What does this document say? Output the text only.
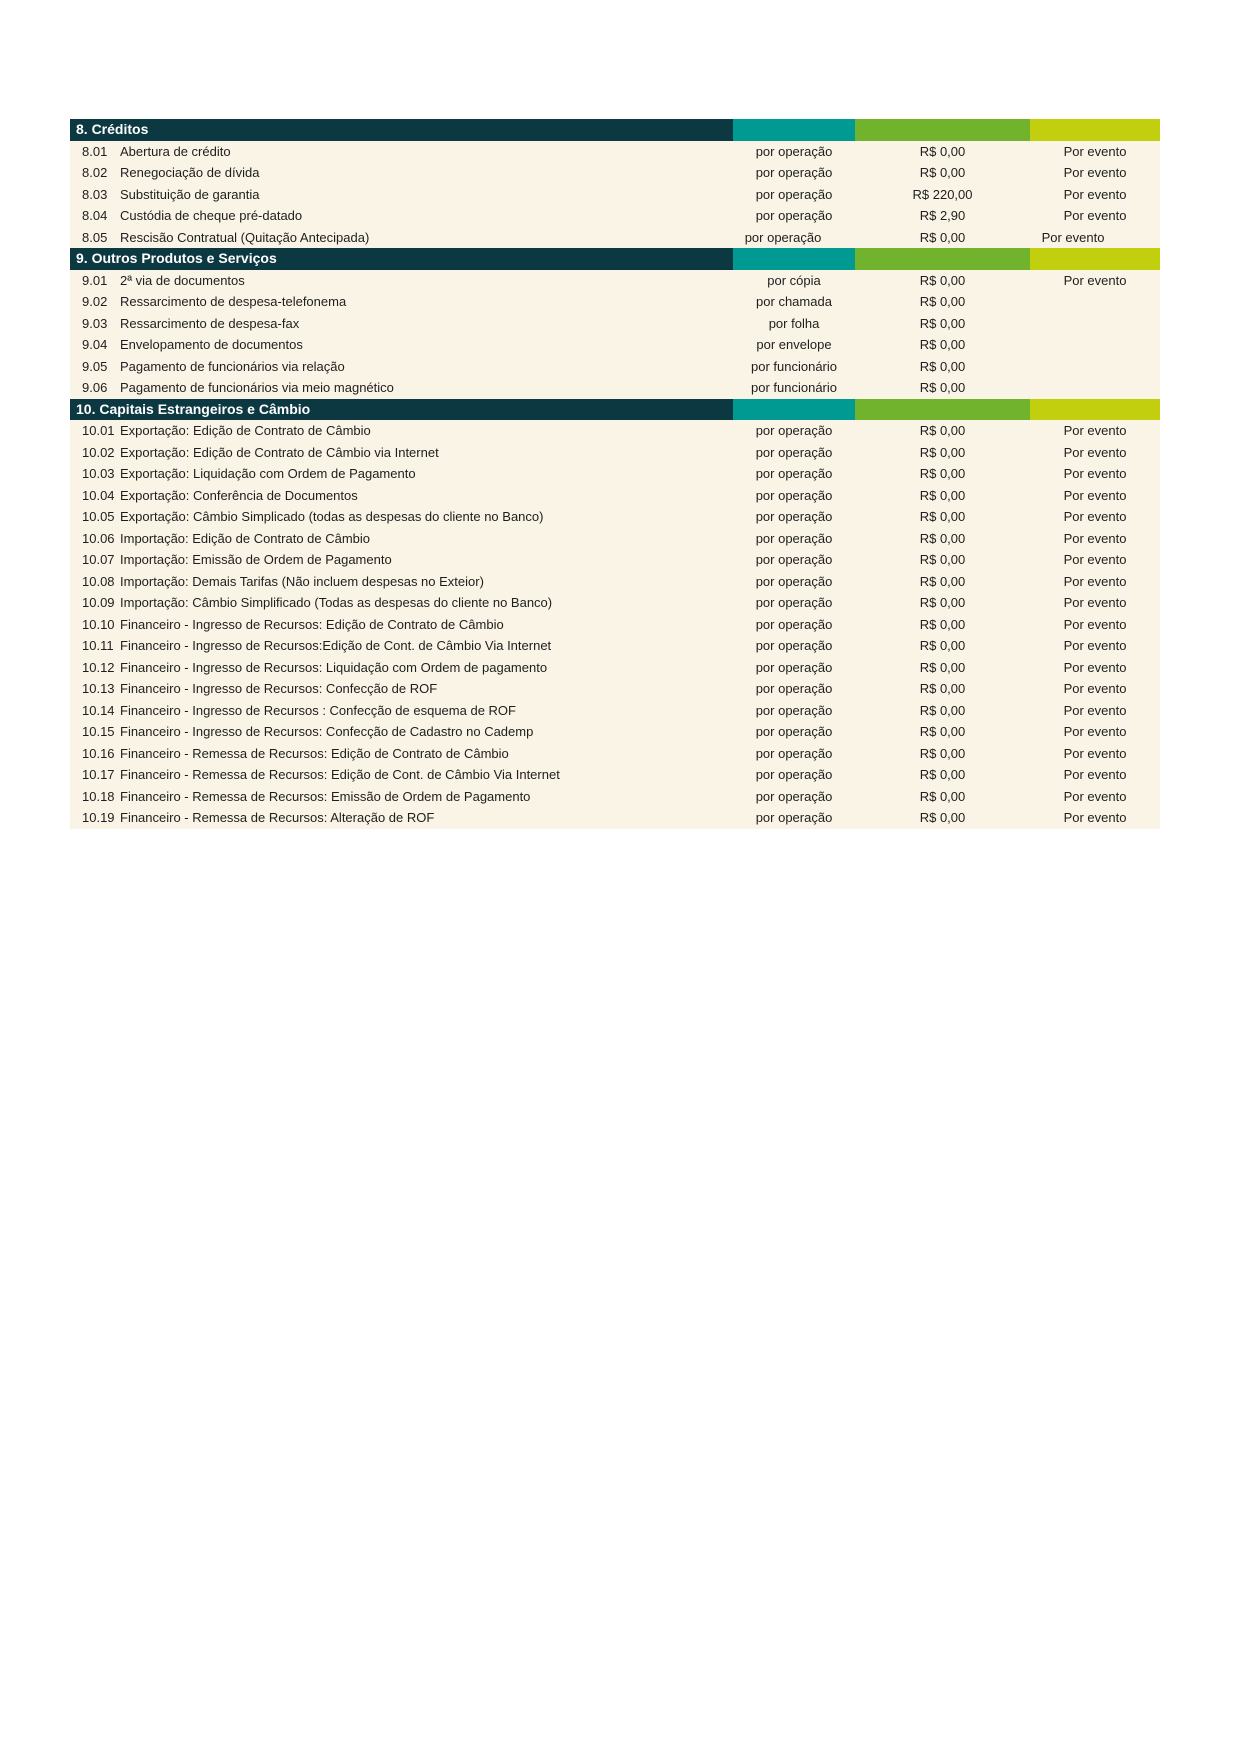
8. Créditos
8.01 Abertura de crédito	por operação	R$ 0,00	Por evento
8.02 Renegociação de dívida	por operação	R$ 0,00	Por evento
8.03 Substituição de garantia	por operação	R$ 220,00	Por evento
8.04 Custódia de cheque pré-datado	por operação	R$ 2,90	Por evento
8.05 Rescisão Contratual (Quitação Antecipada)	por operação	R$ 0,00	Por evento
9. Outros Produtos e Serviços
9.01 2ª via de documentos	por cópia	R$ 0,00	Por evento
9.02 Ressarcimento de despesa-telefonema	por chamada	R$ 0,00
9.03 Ressarcimento de despesa-fax	por folha	R$ 0,00
9.04 Envelopamento de documentos	por envelope	R$ 0,00
9.05 Pagamento de funcionários via relação	por funcionário	R$ 0,00
9.06 Pagamento de funcionários via meio magnético	por funcionário	R$ 0,00
10. Capitais Estrangeiros e Câmbio
10.01 Exportação: Edição de Contrato de Câmbio	por operação	R$ 0,00	Por evento
10.02 Exportação: Edição de Contrato de Câmbio via Internet	por operação	R$ 0,00	Por evento
10.03 Exportação: Liquidação com Ordem de Pagamento	por operação	R$ 0,00	Por evento
10.04 Exportação: Conferência de Documentos	por operação	R$ 0,00	Por evento
10.05 Exportação: Câmbio Simplicado (todas as despesas do cliente no Banco)	por operação	R$ 0,00	Por evento
10.06 Importação: Edição de Contrato de Câmbio	por operação	R$ 0,00	Por evento
10.07 Importação: Emissão de Ordem de Pagamento	por operação	R$ 0,00	Por evento
10.08 Importação: Demais Tarifas (Não incluem despesas no Exteior)	por operação	R$ 0,00	Por evento
10.09 Importação: Câmbio Simplificado (Todas as despesas do cliente no Banco)	por operação	R$ 0,00	Por evento
10.10 Financeiro - Ingresso de Recursos: Edição de Contrato de Câmbio	por operação	R$ 0,00	Por evento
10.11 Financeiro - Ingresso de Recursos:Edição de Cont. de Câmbio Via Internet	por operação	R$ 0,00	Por evento
10.12 Financeiro - Ingresso de Recursos: Liquidação com Ordem de pagamento	por operação	R$ 0,00	Por evento
10.13 Financeiro - Ingresso de Recursos: Confecção de ROF	por operação	R$ 0,00	Por evento
10.14 Financeiro - Ingresso de Recursos : Confecção de esquema de ROF	por operação	R$ 0,00	Por evento
10.15 Financeiro - Ingresso de Recursos: Confecção de Cadastro no Cademp	por operação	R$ 0,00	Por evento
10.16 Financeiro - Remessa de Recursos: Edição de Contrato de Câmbio	por operação	R$ 0,00	Por evento
10.17 Financeiro - Remessa de Recursos: Edição de Cont. de Câmbio Via Internet	por operação	R$ 0,00	Por evento
10.18 Financeiro - Remessa de Recursos: Emissão de Ordem de Pagamento	por operação	R$ 0,00	Por evento
10.19 Financeiro - Remessa de Recursos: Alteração de ROF	por operação	R$ 0,00	Por evento
